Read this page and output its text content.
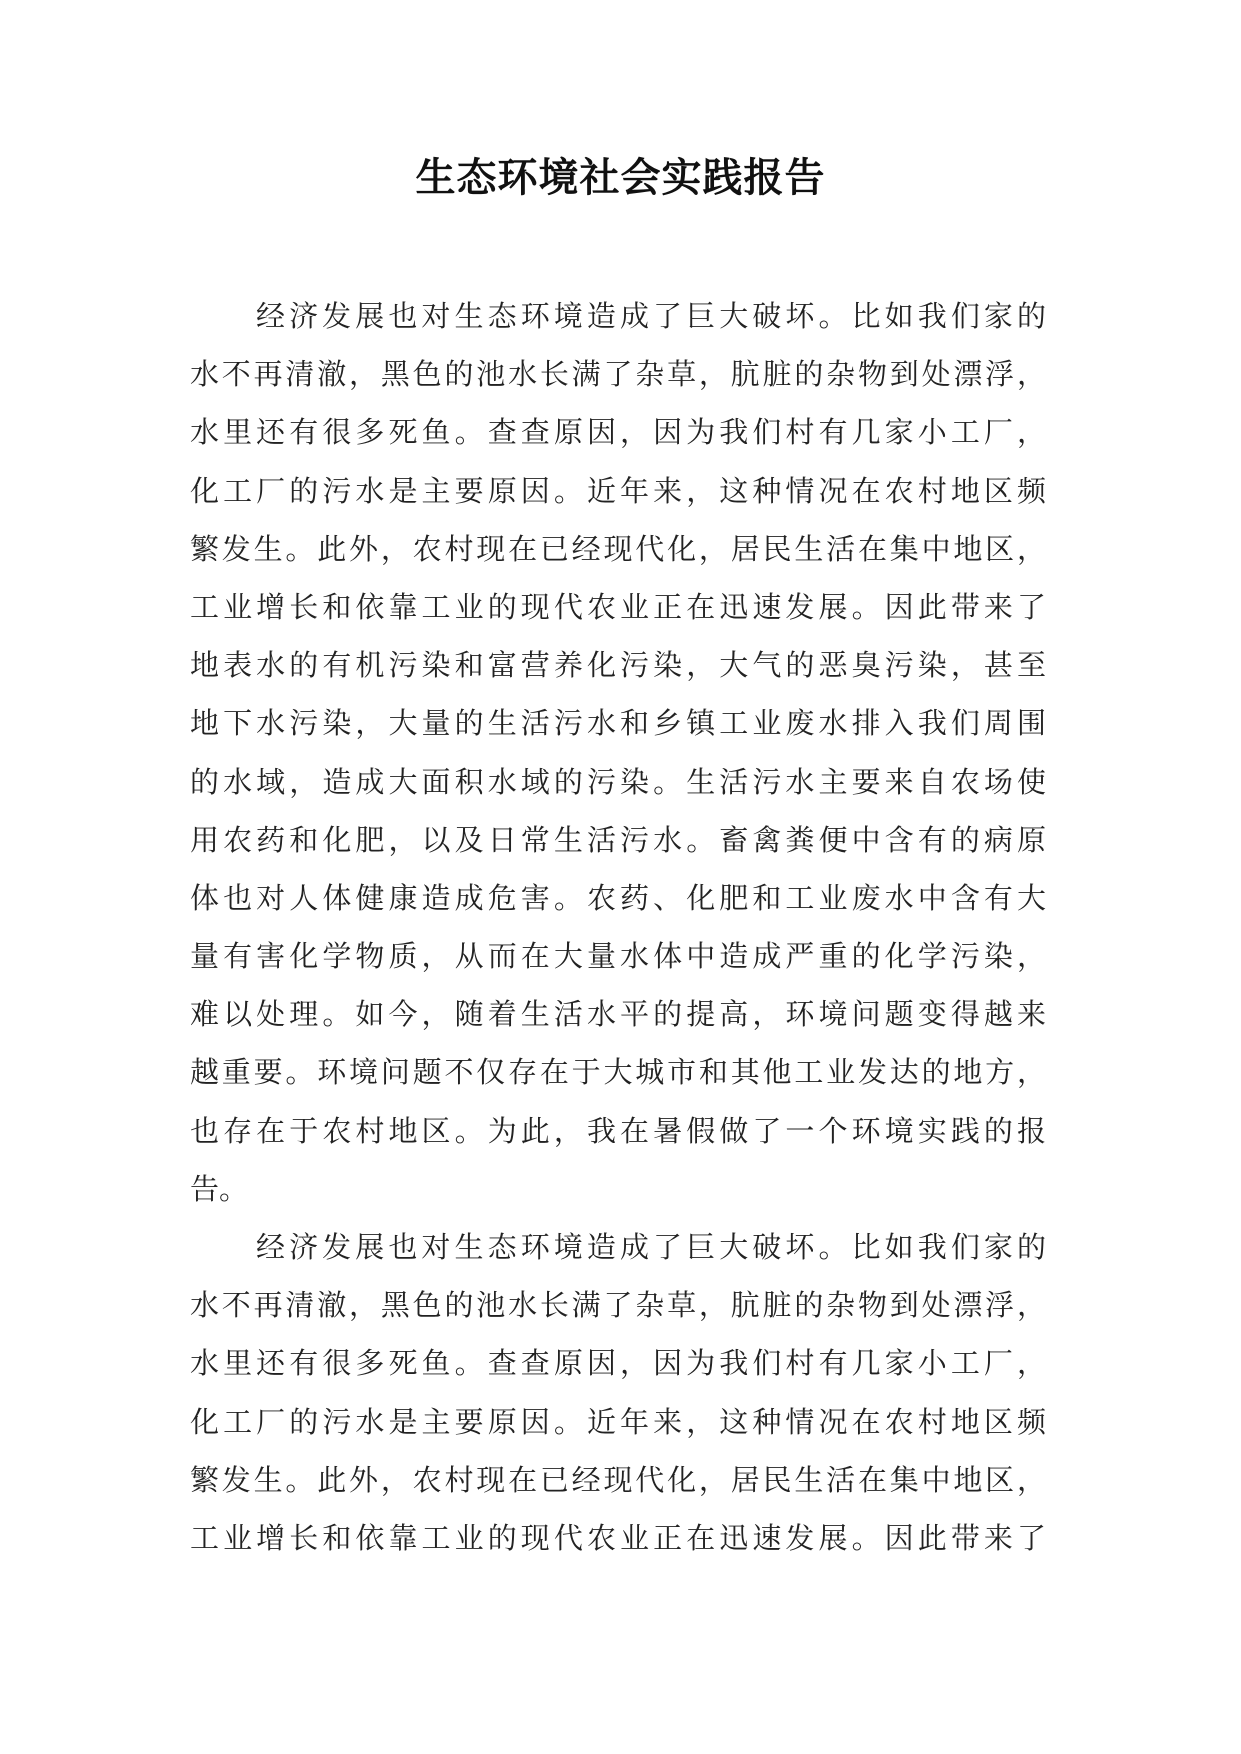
生态环境社会实践报告
经济发展也对生态环境造成了巨大破坏。比如我们家的
水不再清澈，黑色的池水长满了杂草，肮脏的杂物到处漂浮，
水里还有很多死鱼。查查原因，因为我们村有几家小工厂，
化工厂的污水是主要原因。近年来，这种情况在农村地区频
繁发生。此外，农村现在已经现代化，居民生活在集中地区，
工业增长和依靠工业的现代农业正在迅速发展。因此带来了
地表水的有机污染和富营养化污染，大气的恶臭污染，甚至
地下水污染，大量的生活污水和乡镇工业废水排入我们周围
的水域，造成大面积水域的污染。生活污水主要来自农场使
用农药和化肥，以及日常生活污水。畜禽粪便中含有的病原
体也对人体健康造成危害。农药、化肥和工业废水中含有大
量有害化学物质，从而在大量水体中造成严重的化学污染，
难以处理。如今，随着生活水平的提高，环境问题变得越来
越重要。环境问题不仅存在于大城市和其他工业发达的地方，
也存在于农村地区。为此，我在暑假做了一个环境实践的报
告。
经济发展也对生态环境造成了巨大破坏。比如我们家的
水不再清澈，黑色的池水长满了杂草，肮脏的杂物到处漂浮，
水里还有很多死鱼。查查原因，因为我们村有几家小工厂，
化工厂的污水是主要原因。近年来，这种情况在农村地区频
繁发生。此外，农村现在已经现代化，居民生活在集中地区，
工业增长和依靠工业的现代农业正在迅速发展。因此带来了
